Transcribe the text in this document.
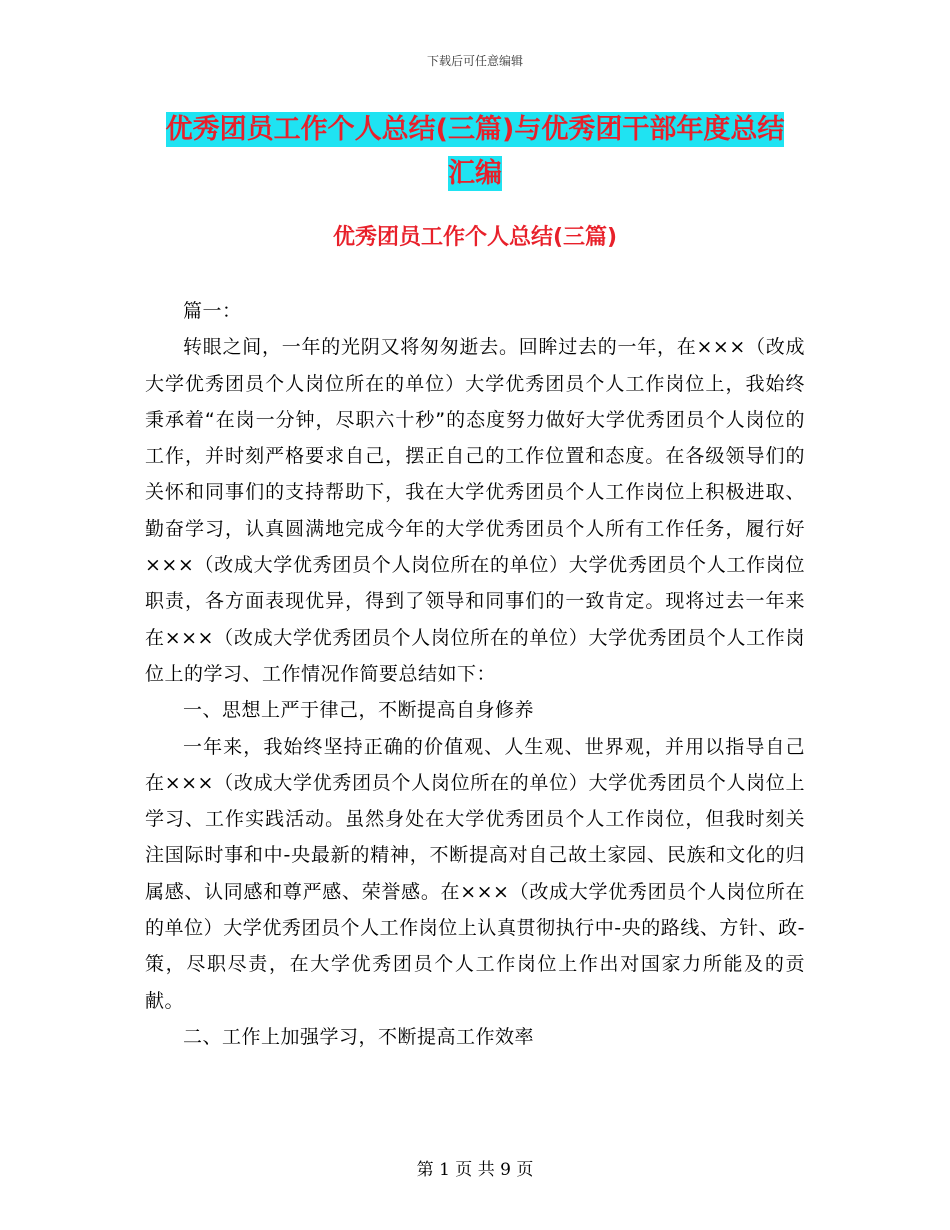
下载后可任意编辑
优秀团员工作个人总结(三篇)与优秀团干部年度总结
汇编
优秀团员工作个人总结(三篇)

篇一：

转眼之间，一年的光阴又将匆匆逝去。回眸过去的一年，在×××（改成大学优秀团员个人岗位所在的单位）大学优秀团员个人工作岗位上，我始终秉承着“在岗一分钟，尽职六十秒”的态度努力做好大学优秀团员个人岗位的工作，并时刻严格要求自己，摆正自己的工作位置和态度。在各级领导们的关怀和同事们的支持帮助下，我在大学优秀团员个人工作岗位上积极进取、勤奋学习，认真圆满地完成今年的大学优秀团员个人所有工作任务，履行好×××（改成大学优秀团员个人岗位所在的单位）大学优秀团员个人工作岗位职责，各方面表现优异，得到了领导和同事们的一致肯定。现将过去一年来在×××（改成大学优秀团员个人岗位所在的单位）大学优秀团员个人工作岗位上的学习、工作情况作简要总结如下：

一、思想上严于律己，不断提高自身修养

一年来，我始终坚持正确的价值观、人生观、世界观，并用以指导自己在×××（改成大学优秀团员个人岗位所在的单位）大学优秀团员个人岗位上学习、工作实践活动。虽然身处在大学优秀团员个人工作岗位，但我时刻关注国际时事和中-央最新的精神，不断提高对自己故土家园、民族和文化的归属感、认同感和尊严感、荣誉感。在×××（改成大学优秀团员个人岗位所在的单位）大学优秀团员个人工作岗位上认真贯彻执行中-央的路线、方针、政-策，尽职尽责，在大学优秀团员个人工作岗位上作出对国家力所能及的贡献。

二、工作上加强学习，不断提高工作效率

第 1 页 共 9 页
